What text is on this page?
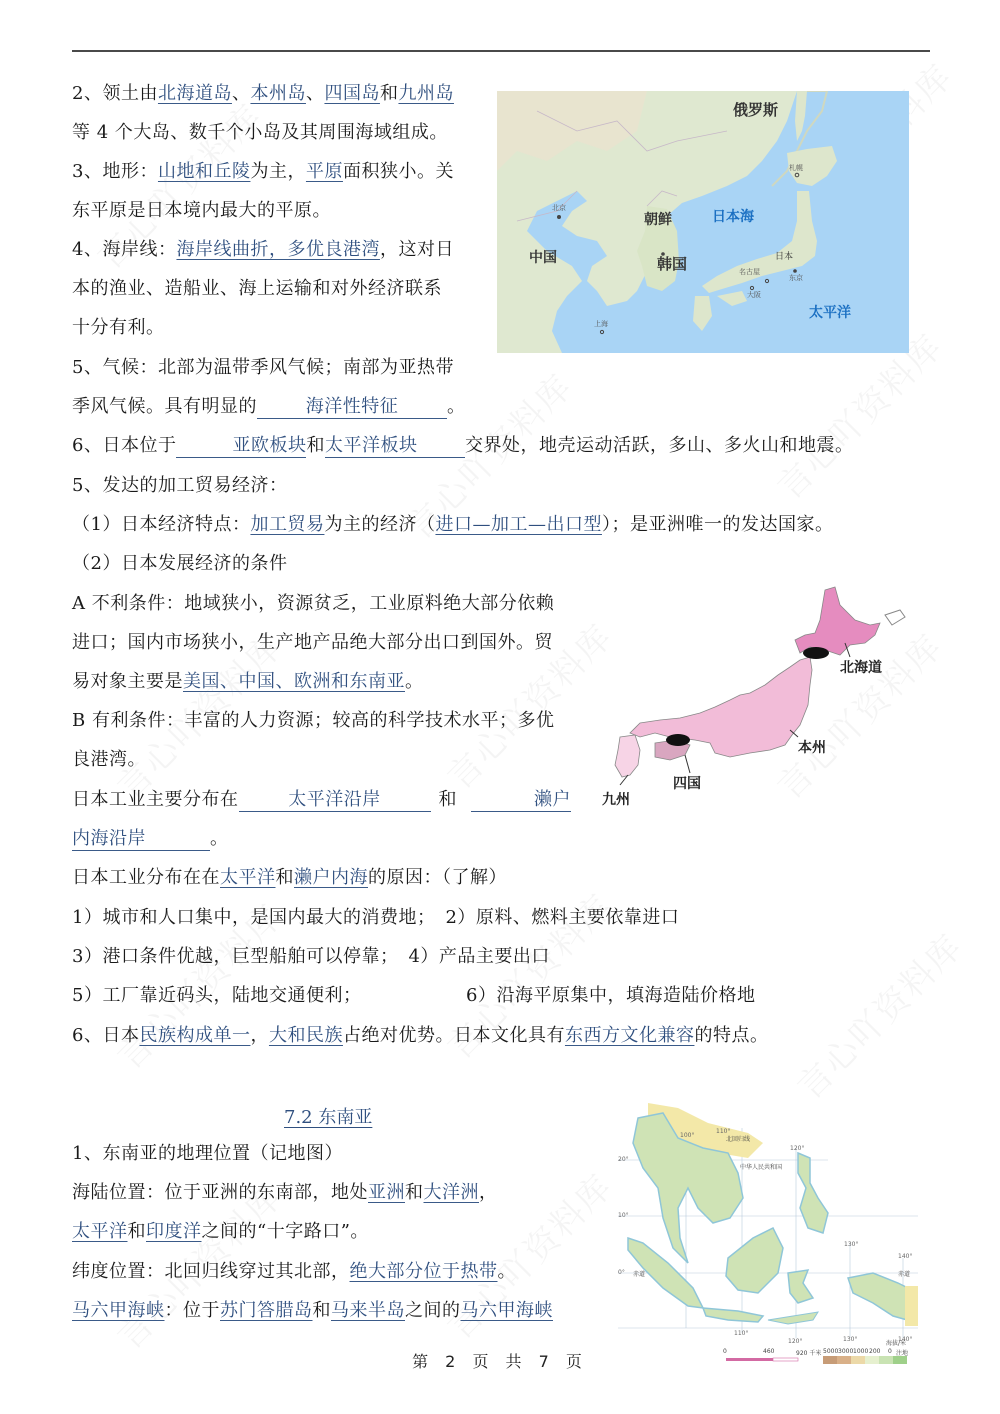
2、领土由北海道岛、本州岛、四国岛和九州岛
等 4 个大岛、数千个小岛及其周围海域组成。
3、地形：山地和丘陵为主，平原面积狭小。关
东平原是日本境内最大的平原。
4、海岸线：海岸线曲折，多优良港湾，这对日
本的渔业、造船业、海上运输和对外经济联系
十分有利。
5、气候：北部为温带季风气候；南部为亚热带
季风气候。具有明显的	海洋性特征	。
6、日本位于	亚欧板块和太平洋板块	交界处，地壳运动活跃，多山、多火山和地震。
5、发达的加工贸易经济：
（1）日本经济特点：加工贸易为主的经济（进口—加工—出口型）；是亚洲唯一的发达国家。
（2）日本发展经济的条件
A 不利条件：地域狭小，资源贫乏，工业原料绝大部分依赖
进口；国内市场狭小，生产地产品绝大部分出口到国外。贸
易对象主要是美国、中国、欧洲和东南亚。
B 有利条件：丰富的人力资源；较高的科学技术水平；多优
良港湾。
日本工业主要分布在	太平洋沿岸	和	濑户
内海沿岸	。
日本工业分布在在太平洋和濑户内海的原因：（了解）
1）城市和人口集中，是国内最大的消费地； 2）原料、燃料主要依靠进口
3）港口条件优越，巨型船舶可以停靠； 4）产品主要出口
5）工厂靠近码头，陆地交通便利；	6）沿海平原集中，填海造陆价格地
6、日本民族构成单一，大和民族占绝对优势。日本文化具有东西方文化兼容的特点。
7.2 东南亚
1、东南亚的地理位置（记地图）
海陆位置：位于亚洲的东南部，地处亚洲和大洋洲，
太平洋和印度洋之间的“十字路口”。
纬度位置：北回归线穿过其北部，绝大部分位于热带。
马六甲海峡：位于苏门答腊岛和马来半岛之间的马六甲海峡
俄罗斯
中国
朝鲜
韩国
日本海
太平洋
日本
北京
上海
札幌
东京
名古屋
大阪
北海道
本州
四国
九州
110°
100°
120°
20°
10°
0°
130°
140°
110°
120°	130°	140°
北回归线
中华人民共和国
赤道	赤道
0	460	920 千米
海拔/米
5000 3000 1000 200 0 注地
第 2 页 共 7 页
